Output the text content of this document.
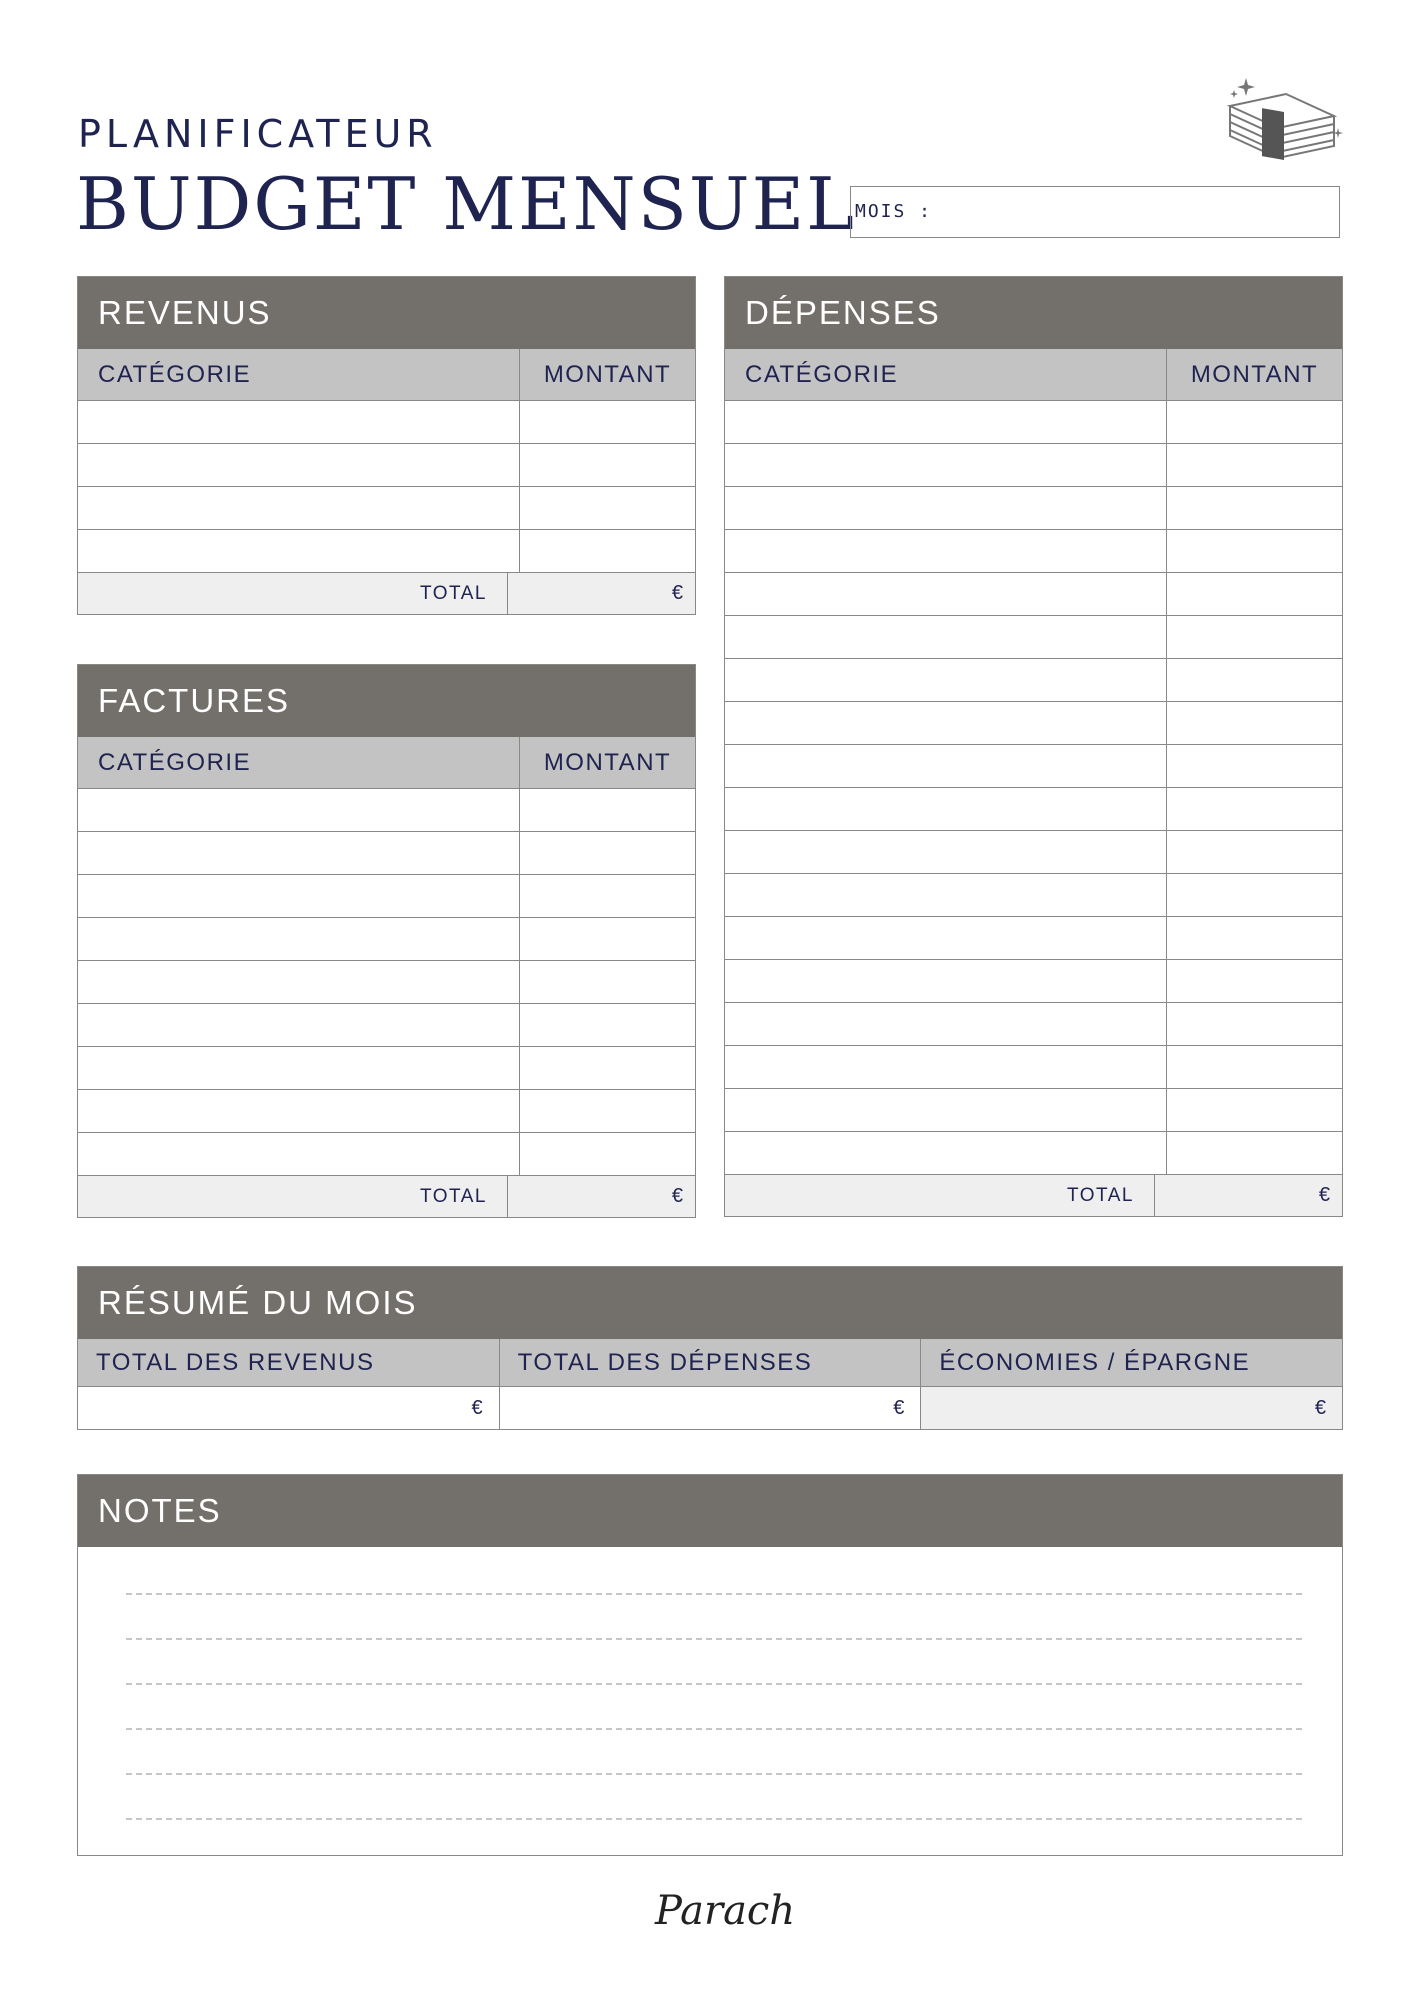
PLANIFICATEUR
BUDGET MENSUEL MOIS :
REVENUS
CATÉGORIE	MONTANT
TOTAL	€
FACTURES
CATÉGORIE	MONTANT
TOTAL	€
DÉPENSES
CATÉGORIE	MONTANT
TOTAL	€
RÉSUMÉ DU MOIS
TOTAL DES REVENUS	TOTAL DES DÉPENSES	ÉCONOMIES / ÉPARGNE
€	€	€
NOTES
Parach
